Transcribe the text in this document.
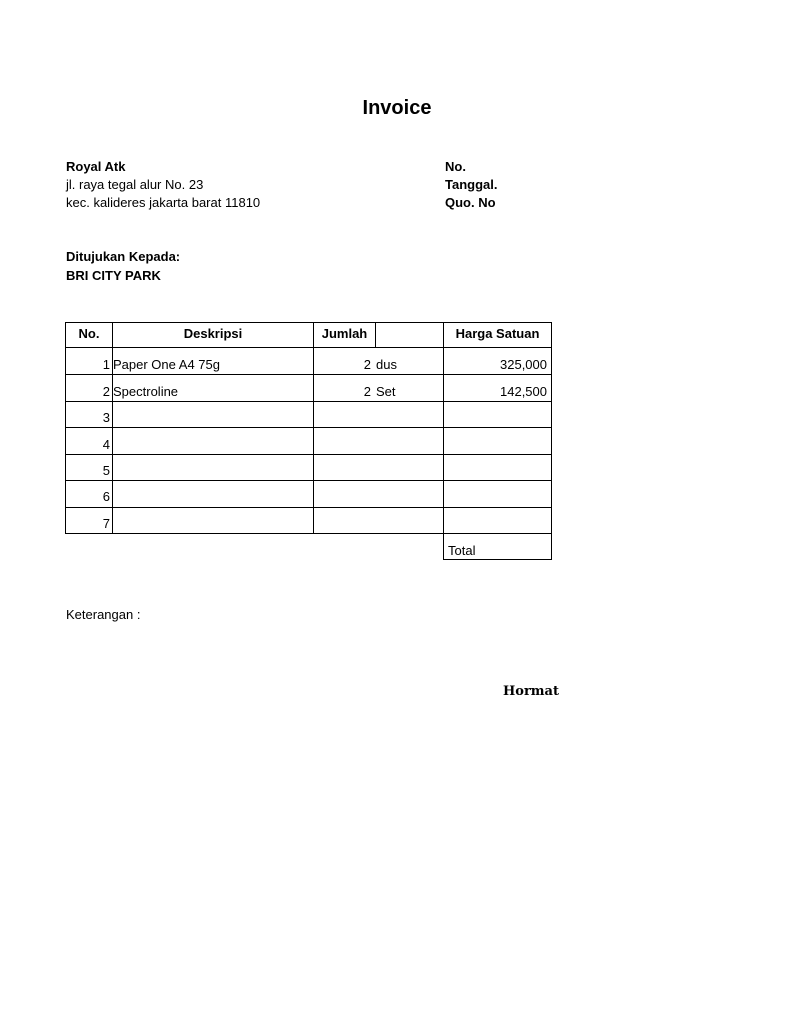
Invoice
Royal Atk
jl. raya tegal alur No. 23
kec. kalideres jakarta barat 11810
No.
Tanggal.
Quo. No
Ditujukan Kepada:
BRI CITY PARK
No.	Deskripsi	Jumlah	Harga Satuan
1 Paper One A4 75g	2 dus	325,000
2 Spectroline	2 Set	142,500
3
4
5
6
7
Total
Keterangan :
Hormat
